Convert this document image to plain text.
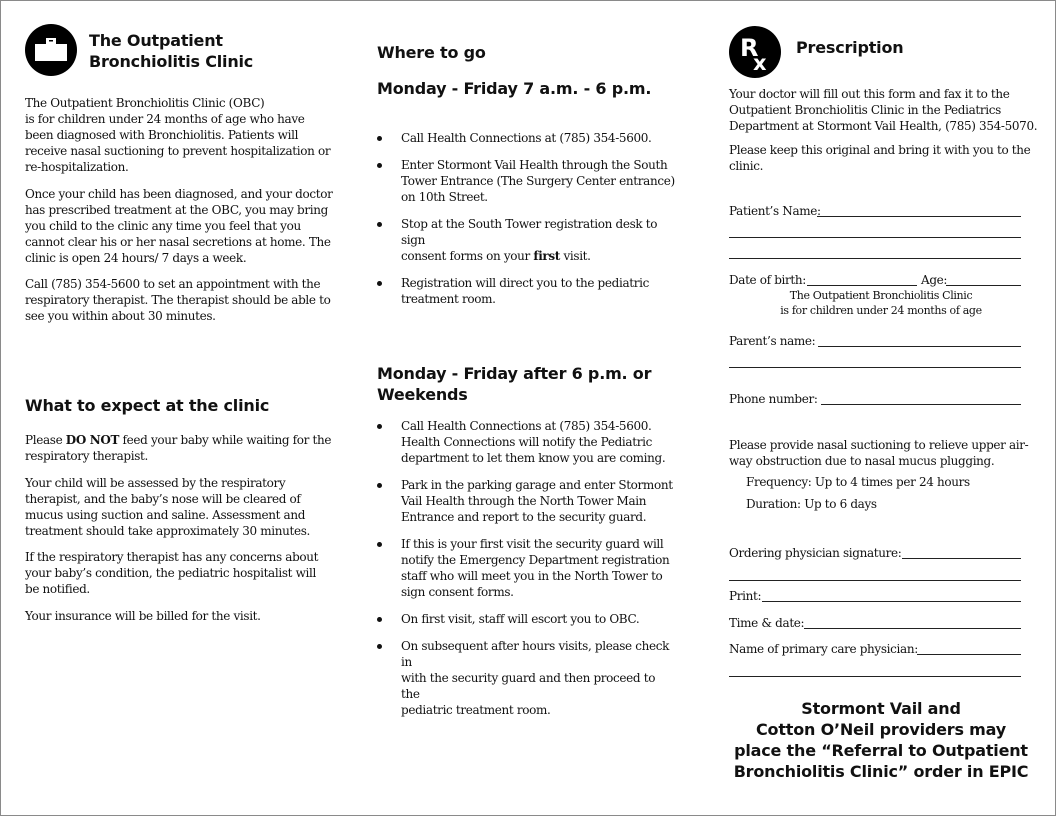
The Outpatient
Bronchiolitis Clinic
The Outpatient Bronchiolitis Clinic (OBC)
is for children under 24 months of age who have
been diagnosed with Bronchiolitis. Patients will
receive nasal suctioning to prevent hospitalization or
re-hospitalization.
Once your child has been diagnosed, and your doctor
has prescribed treatment at the OBC, you may bring
you child to the clinic any time you feel that you
cannot clear his or her nasal secretions at home. The
clinic is open 24 hours/ 7 days a week.
Call (785) 354-5600 to set an appointment with the
respiratory therapist. The therapist should be able to
see you within about 30 minutes.
What to expect at the clinic
Please DO NOT feed your baby while waiting for the
respiratory therapist.
Your child will be assessed by the respiratory
therapist, and the baby’s nose will be cleared of
mucus using suction and saline. Assessment and
treatment should take approximately 30 minutes.
If the respiratory therapist has any concerns about
your baby’s condition, the pediatric hospitalist will
be notified.
Your insurance will be billed for the visit.
Where to go
Monday - Friday 7 a.m. - 6 p.m.
Call Health Connections at (785) 354-5600.
Enter Stormont Vail Health through the South
Tower Entrance (The Surgery Center entrance)
on 10th Street.
Stop at the South Tower registration desk to sign
consent forms on your first visit.
Registration will direct you to the pediatric
treatment room.
Monday - Friday after 6 p.m. or
Weekends
Call Health Connections at (785) 354-5600.
Health Connections will notify the Pediatric
department to let them know you are coming.
Park in the parking garage and enter Stormont
Vail Health through the North Tower Main
Entrance and report to the security guard.
If this is your first visit the security guard will
notify the Emergency Department registration
staff who will meet you in the North Tower to
sign consent forms.
On first visit, staff will escort you to OBC.
On subsequent after hours visits, please check in
with the security guard and then proceed to the
pediatric treatment room.
R
x
Prescription
Your doctor will fill out this form and fax it to the
Outpatient Bronchiolitis Clinic in the Pediatrics
Department at Stormont Vail Health, (785) 354-5070.
Please keep this original and bring it with you to the
clinic.
Patient’s Name:
Date of birth:	Age:
The Outpatient Bronchiolitis Clinic
is for children under 24 months of age
Parent’s name:
Phone number:
Please provide nasal suctioning to relieve upper air-
way obstruction due to nasal mucus plugging.
Frequency: Up to 4 times per 24 hours
Duration: Up to 6 days
Ordering physician signature:
Print:
Time & date:
Name of primary care physician:
Stormont Vail and
Cotton O’Neil providers may
place the “Referral to Outpatient
Bronchiolitis Clinic” order in EPIC
